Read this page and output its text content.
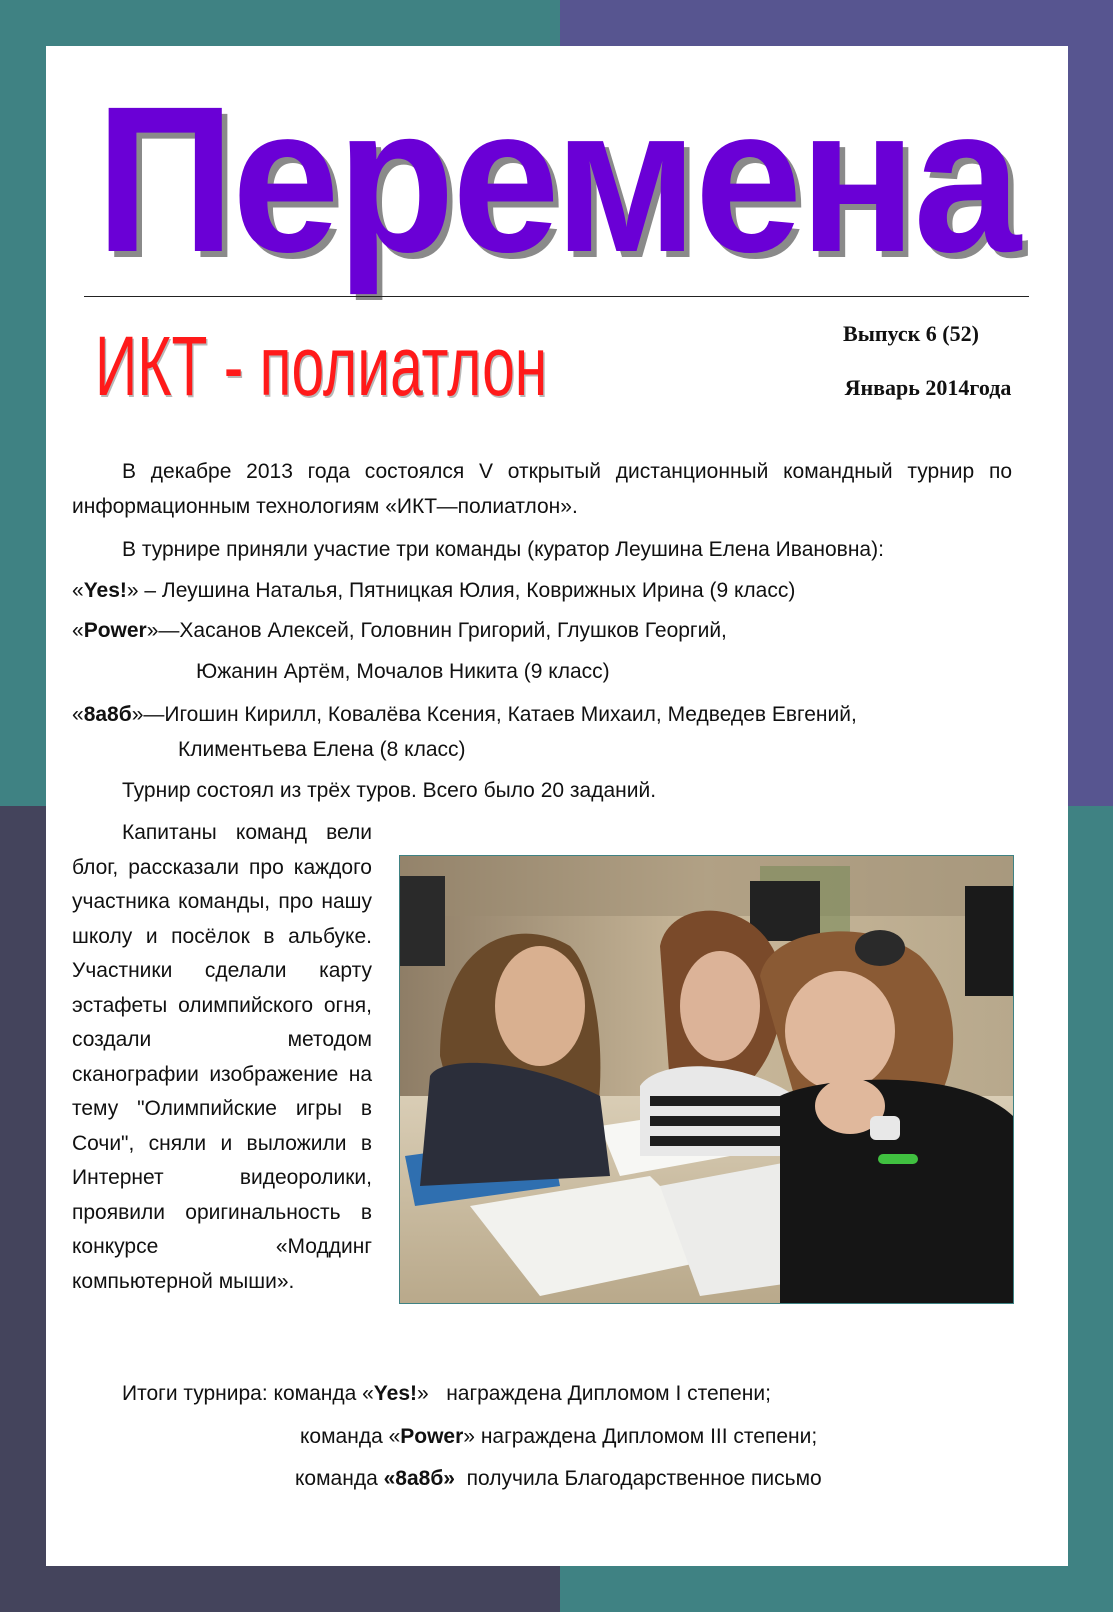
Перемена
ИКТ - полиатлон	Выпуск 6 (52)
Январь 2014года

В декабре 2013 года состоялся V открытый дистанционный командный турнир по информационным технологиям «ИКТ—полиатлон».

В турнире приняли участие три команды (куратор Леушина Елена Ивановна):

«Yes!» – Леушина Наталья, Пятницкая Юлия, Коврижных Ирина (9 класс)

«Power»—Хасанов Алексей, Головнин Григорий, Глушков Георгий,

Южанин Артём, Мочалов Никита (9 класс)

«8а8б»—Игошин Кирилл, Ковалёва Ксения, Катаев Михаил, Медведев Евгений,

Климентьева Елена (8 класс)

Турнир состоял из трёх туров. Всего было 20 заданий.

Капитаны команд вели блог, рассказали про каждого участника команды, про нашу школу и посёлок в альбуке. Участники сделали карту эстафеты олимпийского огня, создали методом сканографии изображение на тему "Олимпийские игры в Сочи", сняли и выложили в Интернет видеоролики, проявили оригинальность в конкурсе «Моддинг компьютерной мыши».

Итоги турнира: команда «Yes!»   награждена Дипломом I степени;

команда «Power» награждена Дипломом III степени;

команда «8а8б» получила Благодарственное письмо
